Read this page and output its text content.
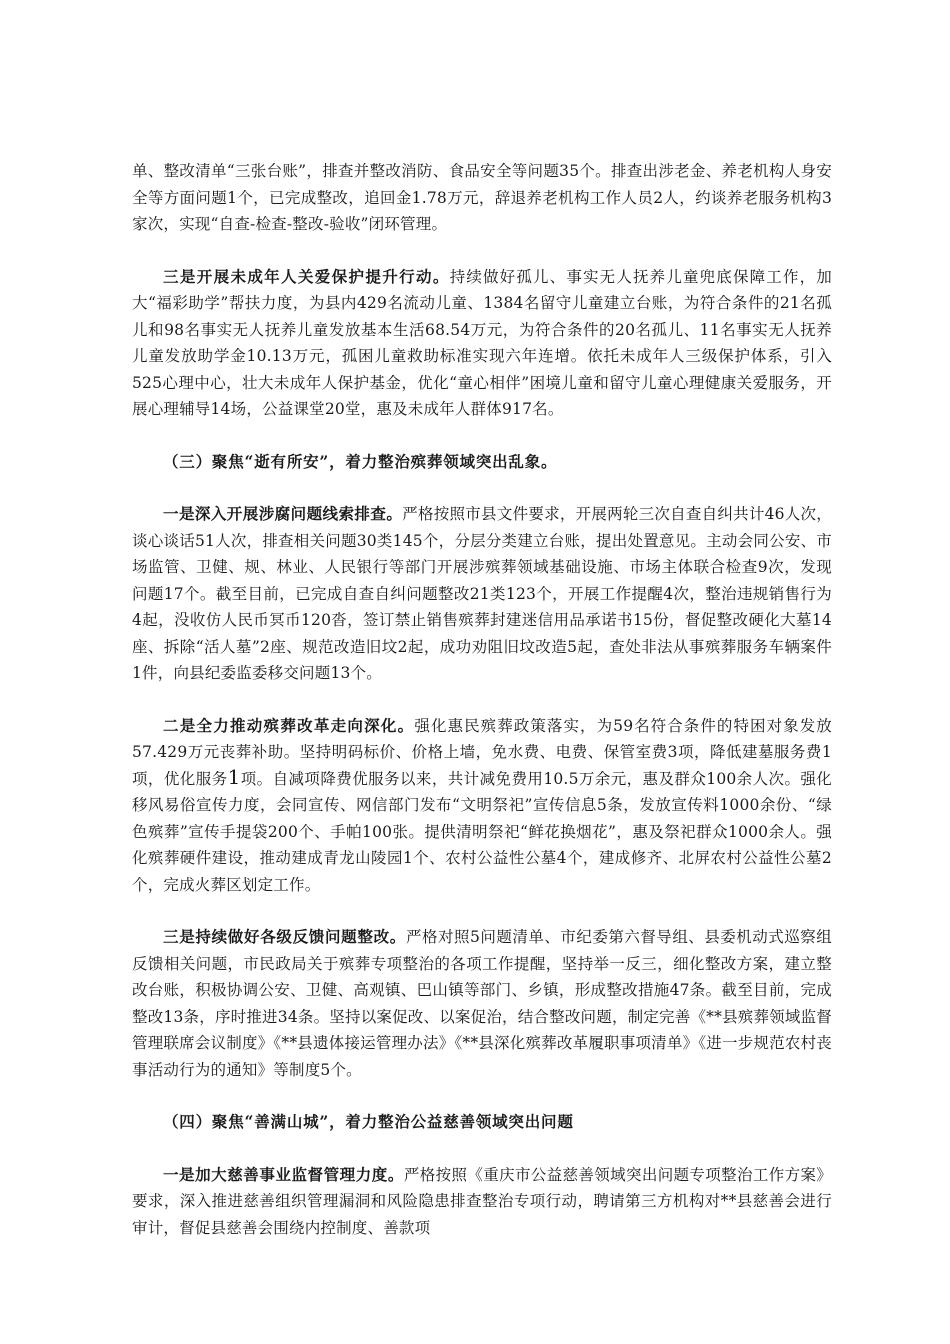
单、整改清单“三张台账”，排查并整改消防、食品安全等问题35个。排查出涉老金、养老机构人身安全等方面问题1个，已完成整改，追回金1.78万元，辞退养老机构工作人员2人，约谈养老服务机构3家次，实现“自查-检查-整改-验收”闭环管理。

三是开展未成年人关爱保护提升行动。持续做好孤儿、事实无人抚养儿童兜底保障工作，加大“福彩助学”帮扶力度，为县内429名流动儿童、1384名留守儿童建立台账，为符合条件的21名孤儿和98名事实无人抚养儿童发放基本生活68.54万元，为符合条件的20名孤儿、11名事实无人抚养儿童发放助学金10.13万元，孤困儿童救助标准实现六年连增。依托未成年人三级保护体系，引入525心理中心，壮大未成年人保护基金，优化“童心相伴”困境儿童和留守儿童心理健康关爱服务，开展心理辅导14场，公益课堂20堂，惠及未成年人群体917名。

（三）聚焦“逝有所安”，着力整治殡葬领域突出乱象。

一是深入开展涉腐问题线索排查。严格按照市县文件要求，开展两轮三次自查自纠共计46人次，谈心谈话51人次，排查相关问题30类145个，分层分类建立台账，提出处置意见。主动会同公安、市场监管、卫健、规、林业、人民银行等部门开展涉殡葬领域基础设施、市场主体联合检查9次，发现问题17个。截至目前，已完成自查自纠问题整改21类123个，开展工作提醒4次，整治违规销售行为4起，没收仿人民币冥币120沓，签订禁止销售殡葬封建迷信用品承诺书15份，督促整改硬化大墓14座、拆除“活人墓”2座、规范改造旧坟2起，成功劝阻旧坟改造5起，查处非法从事殡葬服务车辆案件1件，向县纪委监委移交问题13个。

二是全力推动殡葬改革走向深化。强化惠民殡葬政策落实，为59名符合条件的特困对象发放57.429万元丧葬补助。坚持明码标价、价格上墙，免水费、电费、保管室费3项，降低建墓服务费1项，优化服务1项。自减项降费优服务以来，共计减免费用10.5万余元，惠及群众100余人次。强化移风易俗宣传力度，会同宣传、网信部门发布“文明祭祀”宣传信息5条，发放宣传料1000余份、“绿色殡葬”宣传手提袋200个、手帕100张。提供清明祭祀“鲜花换烟花”，惠及祭祀群众1000余人。强化殡葬硬件建设，推动建成青龙山陵园1个、农村公益性公墓4个，建成修齐、北屏农村公益性公墓2个，完成火葬区划定工作。

三是持续做好各级反馈问题整改。严格对照5问题清单、市纪委第六督导组、县委机动式巡察组反馈相关问题，市民政局关于殡葬专项整治的各项工作提醒，坚持举一反三，细化整改方案，建立整改台账，积极协调公安、卫健、高观镇、巴山镇等部门、乡镇，形成整改措施47条。截至目前，完成整改13条，序时推进34条。坚持以案促改、以案促治，结合整改问题，制定完善《**县殡葬领域监督管理联席会议制度》《**县遗体接运管理办法》《**县深化殡葬改革履职事项清单》《进一步规范农村丧事活动行为的通知》等制度5个。

（四）聚焦“善满山城”，着力整治公益慈善领域突出问题

一是加大慈善事业监督管理力度。严格按照《重庆市公益慈善领域突出问题专项整治工作方案》要求，深入推进慈善组织管理漏洞和风险隐患排查整治专项行动，聘请第三方机构对**县慈善会进行审计，督促县慈善会围绕内控制度、善款项
